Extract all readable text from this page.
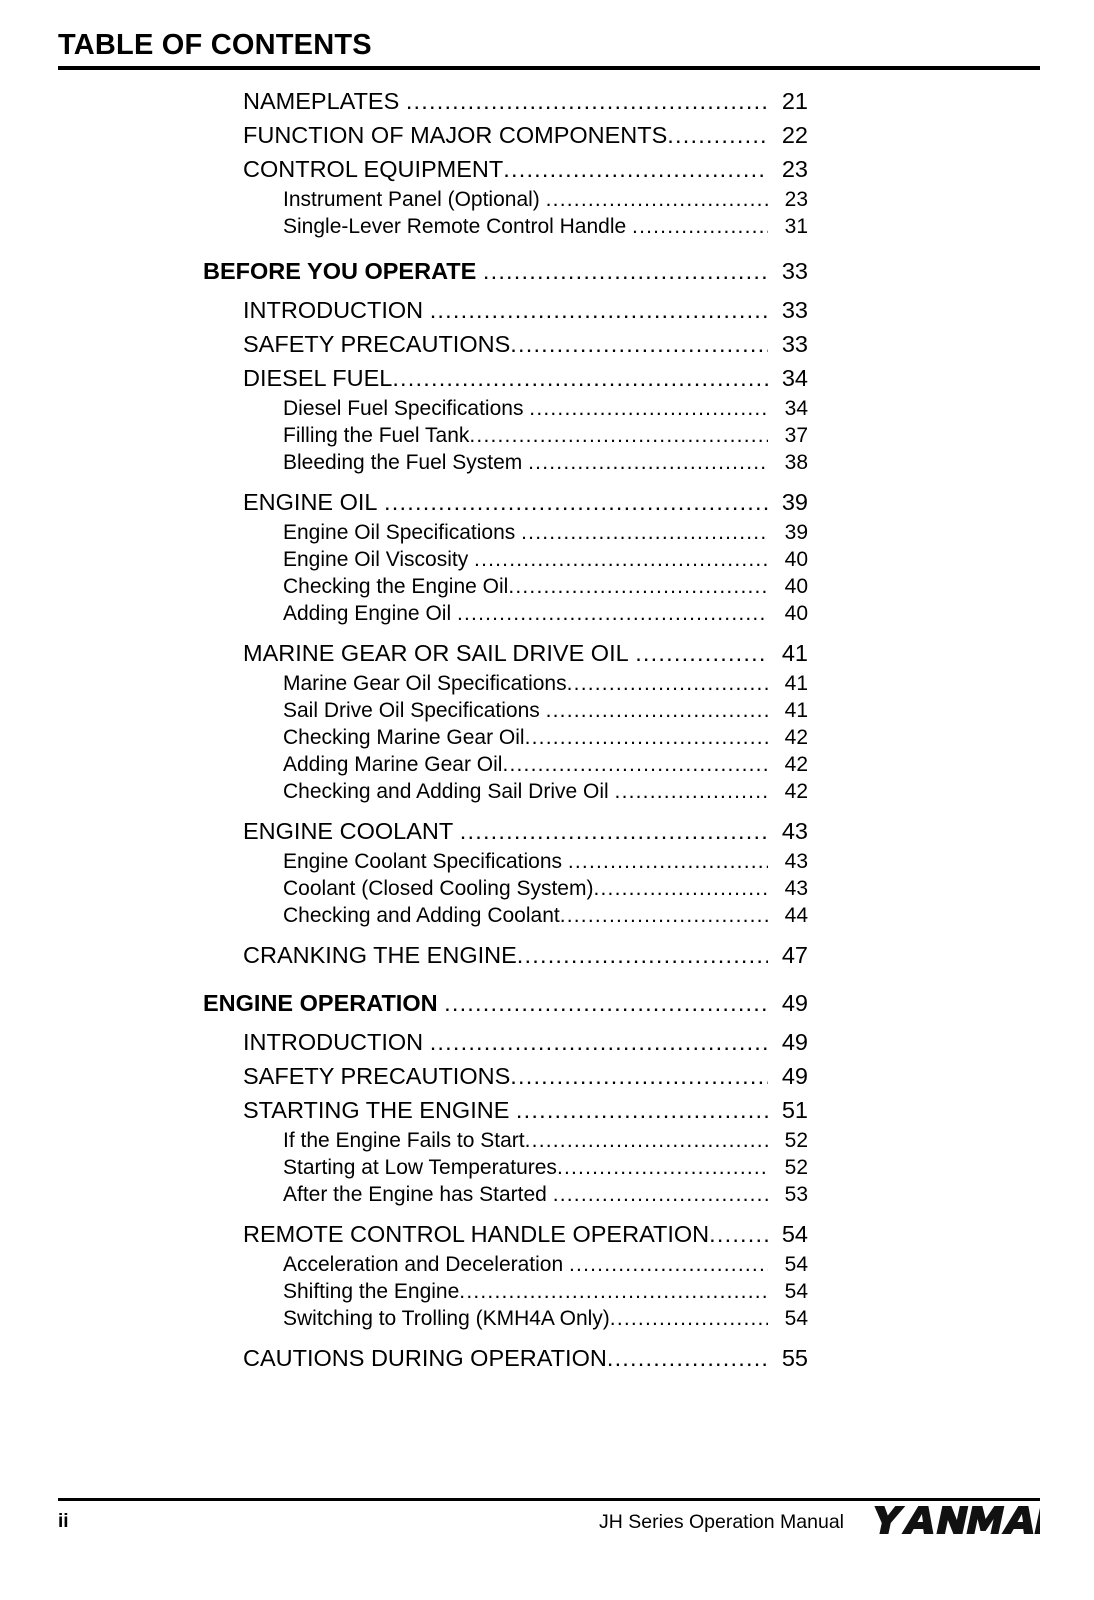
TABLE OF CONTENTS
NAMEPLATES .....	21
FUNCTION OF MAJOR COMPONENTS .....	22
CONTROL EQUIPMENT .....	23
Instrument Panel (Optional) .....	23
Single-Lever Remote Control Handle .....	31
BEFORE YOU OPERATE .....	33
INTRODUCTION .....	33
SAFETY PRECAUTIONS .....	33
DIESEL FUEL .....	34
Diesel Fuel Specifications .....	34
Filling the Fuel Tank .....	37
Bleeding the Fuel System .....	38
ENGINE OIL .....	39
Engine Oil Specifications .....	39
Engine Oil Viscosity .....	40
Checking the Engine Oil .....	40
Adding Engine Oil .....	40
MARINE GEAR OR SAIL DRIVE OIL .....	41
Marine Gear Oil Specifications .....	41
Sail Drive Oil Specifications .....	41
Checking Marine Gear Oil .....	42
Adding Marine Gear Oil .....	42
Checking and Adding Sail Drive Oil .....	42
ENGINE COOLANT .....	43
Engine Coolant Specifications .....	43
Coolant (Closed Cooling System) .....	43
Checking and Adding Coolant .....	44
CRANKING THE ENGINE .....	47
ENGINE OPERATION .....	49
INTRODUCTION .....	49
SAFETY PRECAUTIONS .....	49
STARTING THE ENGINE .....	51
If the Engine Fails to Start .....	52
Starting at Low Temperatures .....	52
After the Engine has Started .....	53
REMOTE CONTROL HANDLE OPERATION .....	54
Acceleration and Deceleration .....	54
Shifting the Engine .....	54
Switching to Trolling (KMH4A Only) .....	54
CAUTIONS DURING OPERATION .....	55
ii	JH Series Operation Manual
